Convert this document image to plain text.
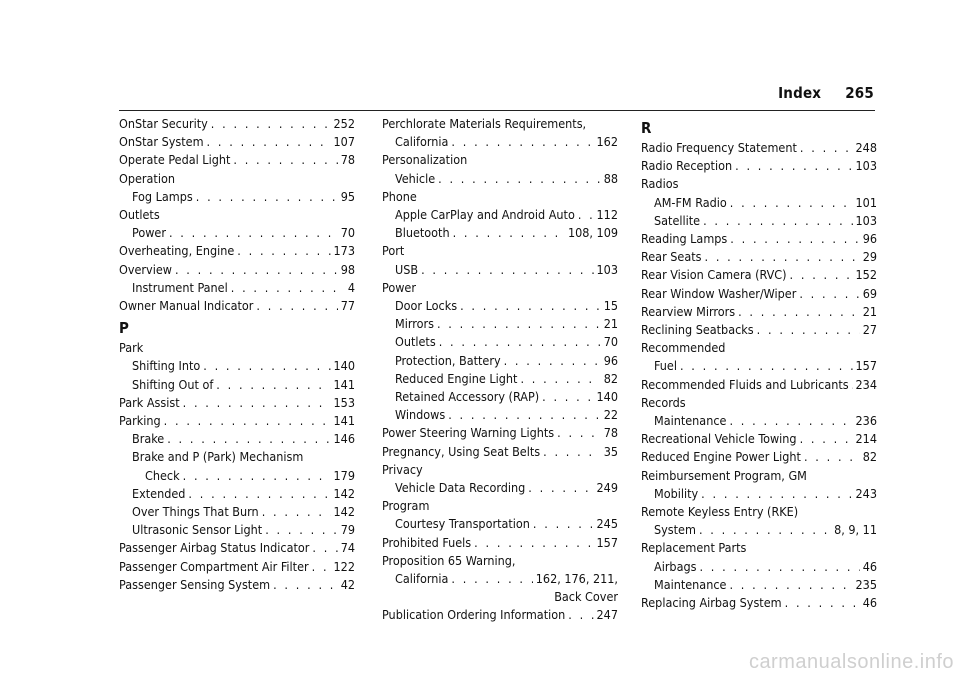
Index 265
OnStar Security . . .	252
OnStar System . . .	107
Operate Pedal Light . . .	78
Operation
Fog Lamps . . .	95
Outlets
Power . . .	70
Overheating, Engine . . .	173
Overview . . .	98
Instrument Panel . . .	4
Owner Manual Indicator . . .	77
P
Park
Shifting Into . . .	140
Shifting Out of . . .	141
Park Assist . . .	153
Parking . . .	141
Brake . . .	146
Brake and P (Park) Mechanism
Check . . .	179
Extended . . .	142
Over Things That Burn . . .	142
Ultrasonic Sensor Light . . .	79
Passenger Airbag Status Indicator . . .	74
Passenger Compartment Air Filter . . . 122
Passenger Sensing System . . .	42
Perchlorate Materials Requirements,
California . . .	162
Personalization
Vehicle . . .	88
Phone
Apple CarPlay and Android Auto . . . 112
Bluetooth . . .	108, 109
Port
USB . . .	103
Power
Door Locks . . .	15
Mirrors . . .	21
Outlets . . .	70
Protection, Battery . . .	96
Reduced Engine Light . . .	82
Retained Accessory (RAP) . . .	140
Windows . . .	22
Power Steering Warning Lights . . .	78
Pregnancy, Using Seat Belts . . .	35
Privacy
Vehicle Data Recording . . .	249
Program
Courtesy Transportation . . .	245
Prohibited Fuels . . .	157
Proposition 65 Warning,
California . . .	162, 176, 211,
Back Cover
Publication Ordering Information . . .	247
R
Radio Frequency Statement . . .	248
Radio Reception . . .	103
Radios
AM-FM Radio . . .	101
Satellite . . .	103
Reading Lamps . . .	96
Rear Seats . . .	29
Rear Vision Camera (RVC) . . .	152
Rear Window Washer/Wiper . . .	69
Rearview Mirrors . . .	21
Reclining Seatbacks . . .	27
Recommended
Fuel . . .	157
Recommended Fluids and Lubricants . . . 234
Records
Maintenance . . .	236
Recreational Vehicle Towing . . .	214
Reduced Engine Power Light . . .	82
Reimbursement Program, GM
Mobility . . .	243
Remote Keyless Entry (RKE)
System . . .	8, 9, 11
Replacement Parts
Airbags . . .	46
Maintenance . . .	235
Replacing Airbag System . . .	46
carmanualsonline.info
